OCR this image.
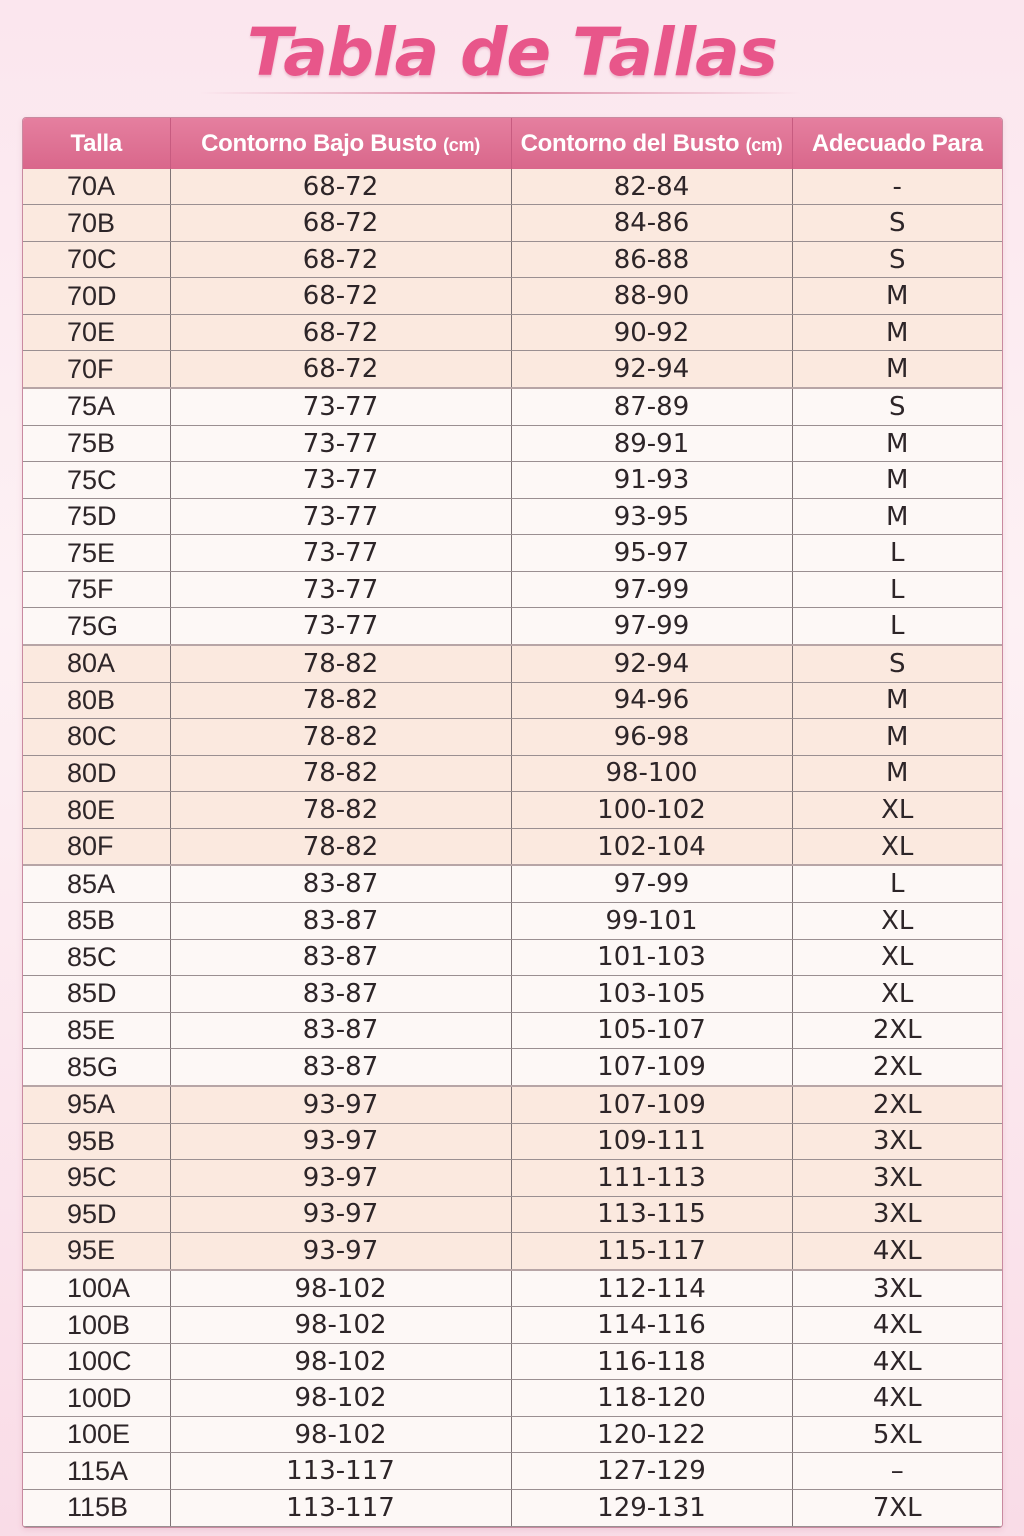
Tabla de Tallas
Talla	Contorno Bajo Busto (cm)	Contorno del Busto (cm)	Adecuado Para
70A	68-72	82-84	-
70B	68-72	84-86	S
70C	68-72	86-88	S
70D	68-72	88-90	M
70E	68-72	90-92	M
70F	68-72	92-94	M
75A	73-77	87-89	S
75B	73-77	89-91	M
75C	73-77	91-93	M
75D	73-77	93-95	M
75E	73-77	95-97	L
75F	73-77	97-99	L
75G	73-77	97-99	L
80A	78-82	92-94	S
80B	78-82	94-96	M
80C	78-82	96-98	M
80D	78-82	98-100	M
80E	78-82	100-102	XL
80F	78-82	102-104	XL
85A	83-87	97-99	L
85B	83-87	99-101	XL
85C	83-87	101-103	XL
85D	83-87	103-105	XL
85E	83-87	105-107	2XL
85G	83-87	107-109	2XL
95A	93-97	107-109	2XL
95B	93-97	109-111	3XL
95C	93-97	111-113	3XL
95D	93-97	113-115	3XL
95E	93-97	115-117	4XL
100A	98-102	112-114	3XL
100B	98-102	114-116	4XL
100C	98-102	116-118	4XL
100D	98-102	118-120	4XL
100E	98-102	120-122	5XL
115A	113-117	127-129	–
115B	113-117	129-131	7XL
